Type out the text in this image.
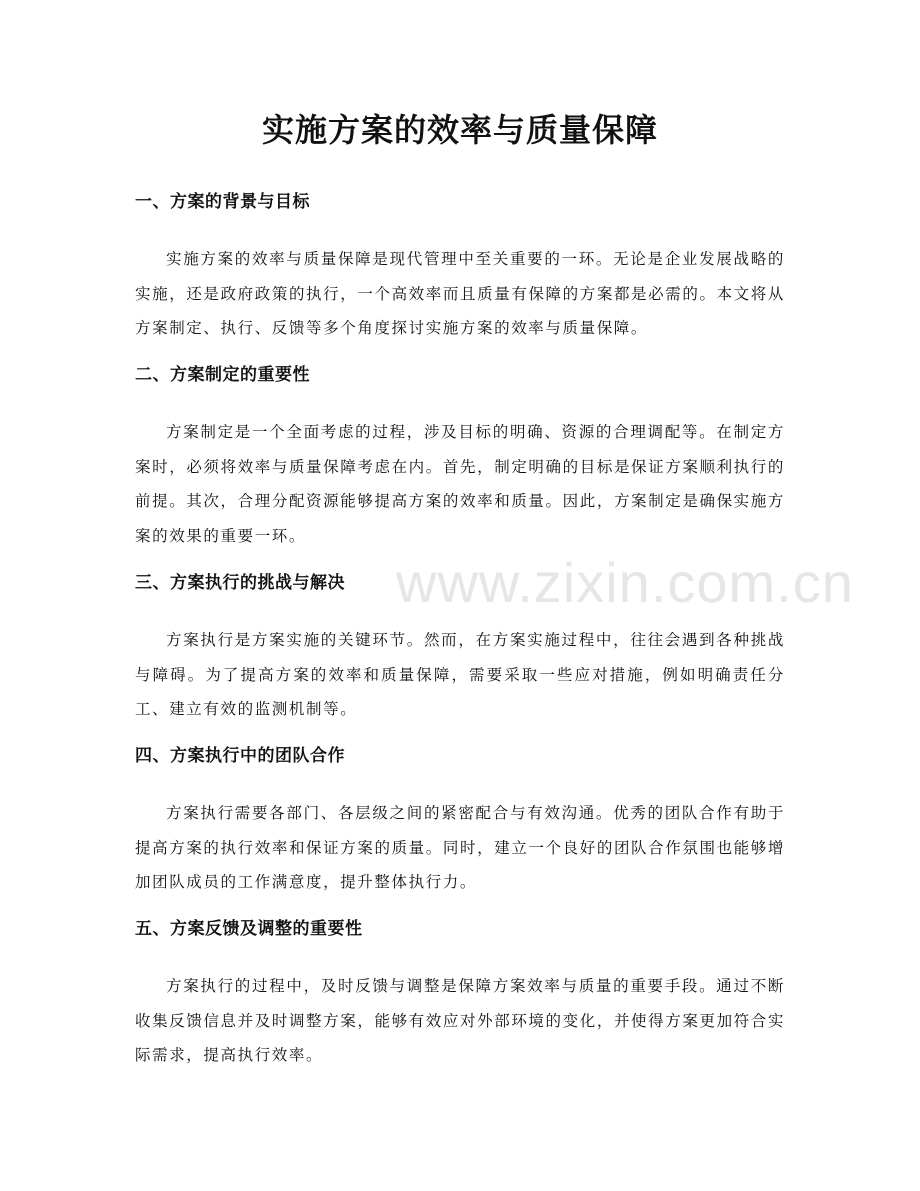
www.zixin.com.cn
实施方案的效率与质量保障
一、方案的背景与目标

实施方案的效率与质量保障是现代管理中至关重要的一环。无论是企业发展战略的实施，还是政府政策的执行，一个高效率而且质量有保障的方案都是必需的。本文将从方案制定、执行、反馈等多个角度探讨实施方案的效率与质量保障。

二、方案制定的重要性

方案制定是一个全面考虑的过程，涉及目标的明确、资源的合理调配等。在制定方案时，必须将效率与质量保障考虑在内。首先，制定明确的目标是保证方案顺利执行的前提。其次，合理分配资源能够提高方案的效率和质量。因此，方案制定是确保实施方案的效果的重要一环。

三、方案执行的挑战与解决

方案执行是方案实施的关键环节。然而，在方案实施过程中，往往会遇到各种挑战与障碍。为了提高方案的效率和质量保障，需要采取一些应对措施，例如明确责任分工、建立有效的监测机制等。

四、方案执行中的团队合作

方案执行需要各部门、各层级之间的紧密配合与有效沟通。优秀的团队合作有助于提高方案的执行效率和保证方案的质量。同时，建立一个良好的团队合作氛围也能够增加团队成员的工作满意度，提升整体执行力。

五、方案反馈及调整的重要性

方案执行的过程中，及时反馈与调整是保障方案效率与质量的重要手段。通过不断收集反馈信息并及时调整方案，能够有效应对外部环境的变化，并使得方案更加符合实际需求，提高执行效率。
